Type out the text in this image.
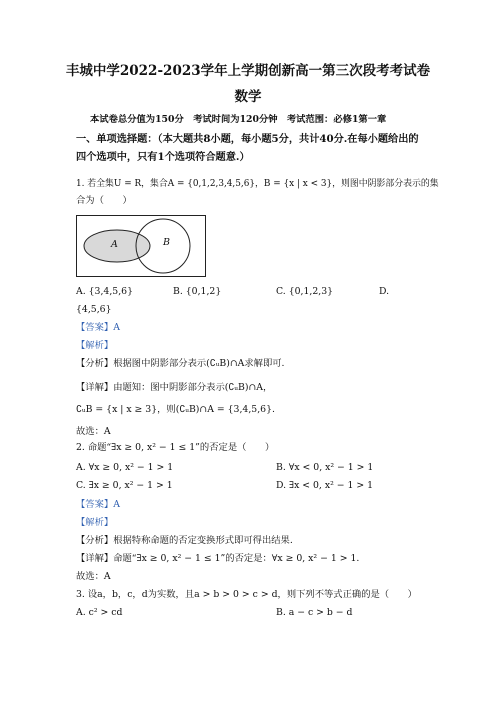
丰城中学2022-2023学年上学期创新高一第三次段考考试卷
数学
本试卷总分值为150分　考试时间为120分钟　考试范围：必修1第一章
一、单项选择题：（本大题共8小题，每小题5分，共计40分.在每小题给出的
四个选项中，只有1个选项符合题意.）
1. 若全集U = R，集合A = {0,1,2,3,4,5,6}，B = {x | x < 3}，则图中阴影部分表示的集
合为（　　）
A	B
A. {3,4,5,6}	B. {0,1,2}	C. {0,1,2,3}	D.
{4,5,6}
【答案】A
【解析】
【分析】根据图中阴影部分表示(∁ᵤB)∩A求解即可.
【详解】由题知：图中阴影部分表示(∁ᵤB)∩A，
∁ᵤB = {x | x ≥ 3}，则(∁ᵤB)∩A = {3,4,5,6}.
故选：A
2. 命题“∃x ≥ 0, x² − 1 ≤ 1”的否定是（　　）
A. ∀x ≥ 0, x² − 1 > 1	B. ∀x < 0, x² − 1 > 1
C. ∃x ≥ 0, x² − 1 > 1	D. ∃x < 0, x² − 1 > 1
【答案】A
【解析】
【分析】根据特称命题的否定变换形式即可得出结果.
【详解】命题“∃x ≥ 0, x² − 1 ≤ 1”的否定是：∀x ≥ 0, x² − 1 > 1.
故选：A
3. 设a，b，c，d为实数，且a > b > 0 > c > d，则下列不等式正确的是（　　）
A. c² > cd	B. a − c > b − d
